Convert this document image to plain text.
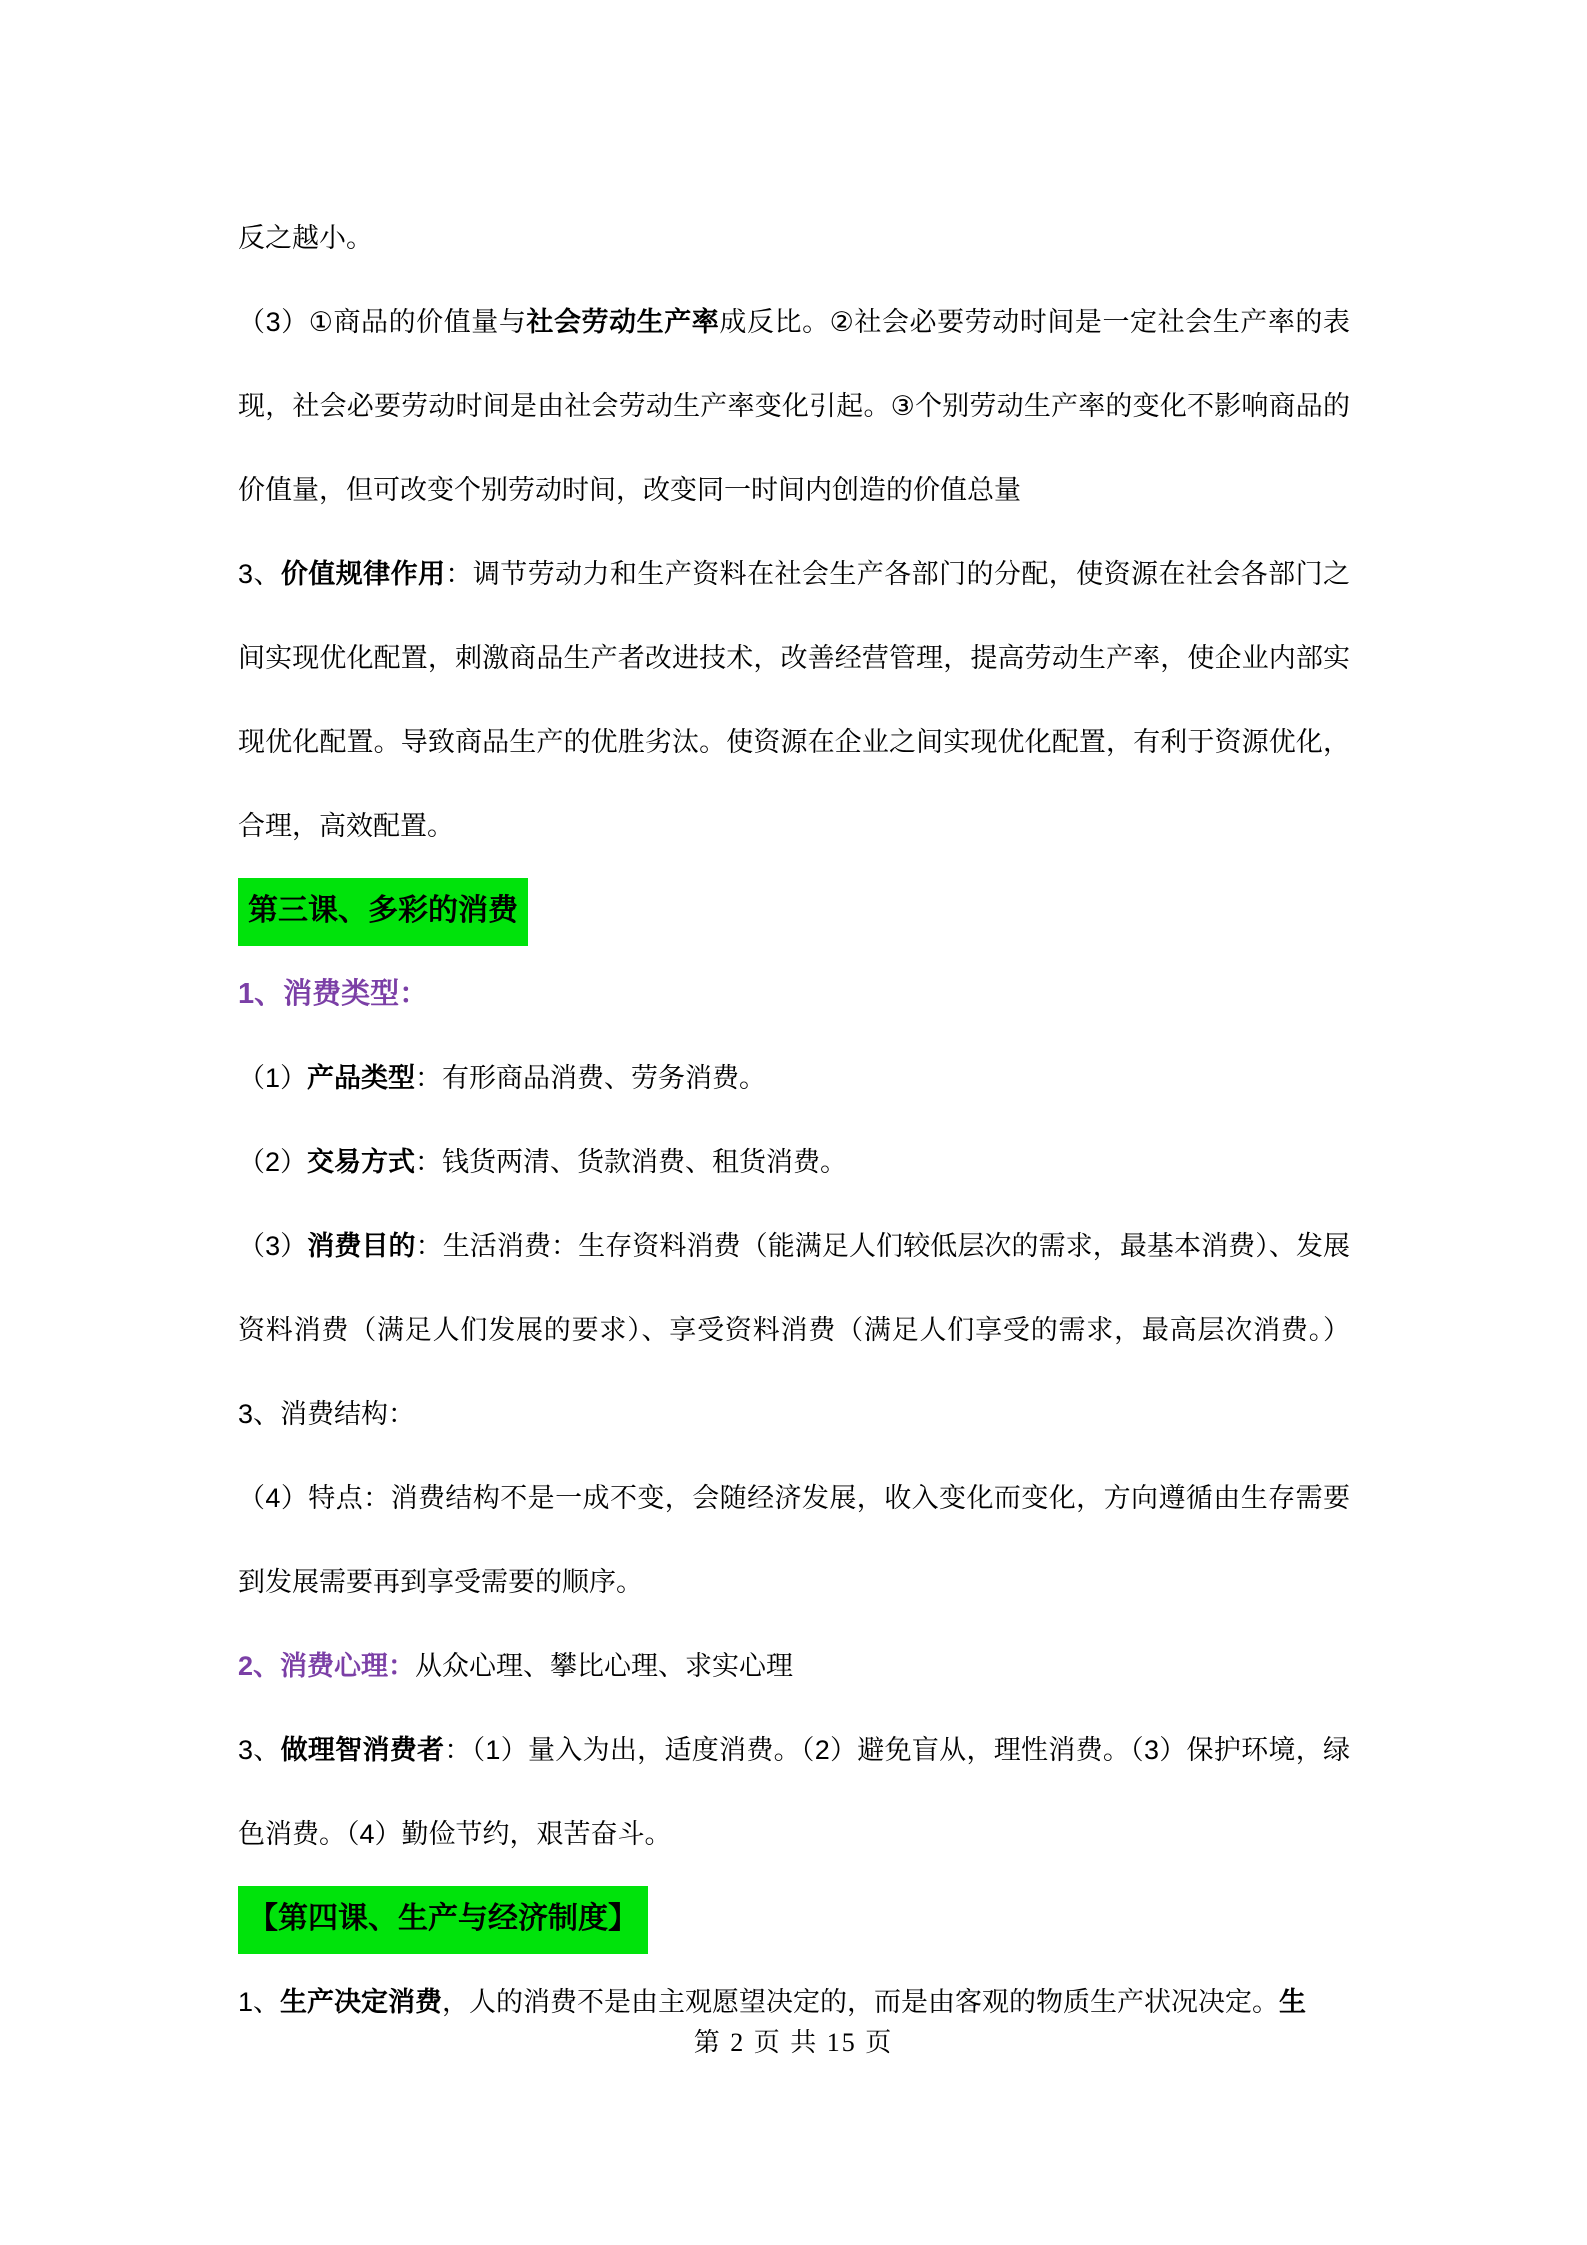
反之越小。

（3）①商品的价值量与社会劳动生产率成反比。②社会必要劳动时间是一定社会生产率的表现，社会必要劳动时间是由社会劳动生产率变化引起。③个别劳动生产率的变化不影响商品的价值量，但可改变个别劳动时间，改变同一时间内创造的价值总量

3、价值规律作用：调节劳动力和生产资料在社会生产各部门的分配，使资源在社会各部门之间实现优化配置，刺激商品生产者改进技术，改善经营管理，提高劳动生产率，使企业内部实现优化配置。导致商品生产的优胜劣汰。使资源在企业之间实现优化配置，有利于资源优化，合理，高效配置。

第三课、多彩的消费

1、消费类型：

（1）产品类型：有形商品消费、劳务消费。

（2）交易方式：钱货两清、货款消费、租货消费。

（3）消费目的：生活消费：生存资料消费（能满足人们较低层次的需求，最基本消费）、发展资料消费（满足人们发展的要求）、享受资料消费（满足人们享受的需求，最高层次消费。）3、消费结构：

（4）特点：消费结构不是一成不变，会随经济发展，收入变化而变化，方向遵循由生存需要到发展需要再到享受需要的顺序。

2、消费心理：从众心理、攀比心理、求实心理

3、做理智消费者：（1）量入为出，适度消费。（2）避免盲从，理性消费。（3）保护环境，绿色消费。（4）勤俭节约，艰苦奋斗。

【第四课、生产与经济制度】

1、生产决定消费，人的消费不是由主观愿望决定的，而是由客观的物质生产状况决定。生

第 2 页 共 15 页
